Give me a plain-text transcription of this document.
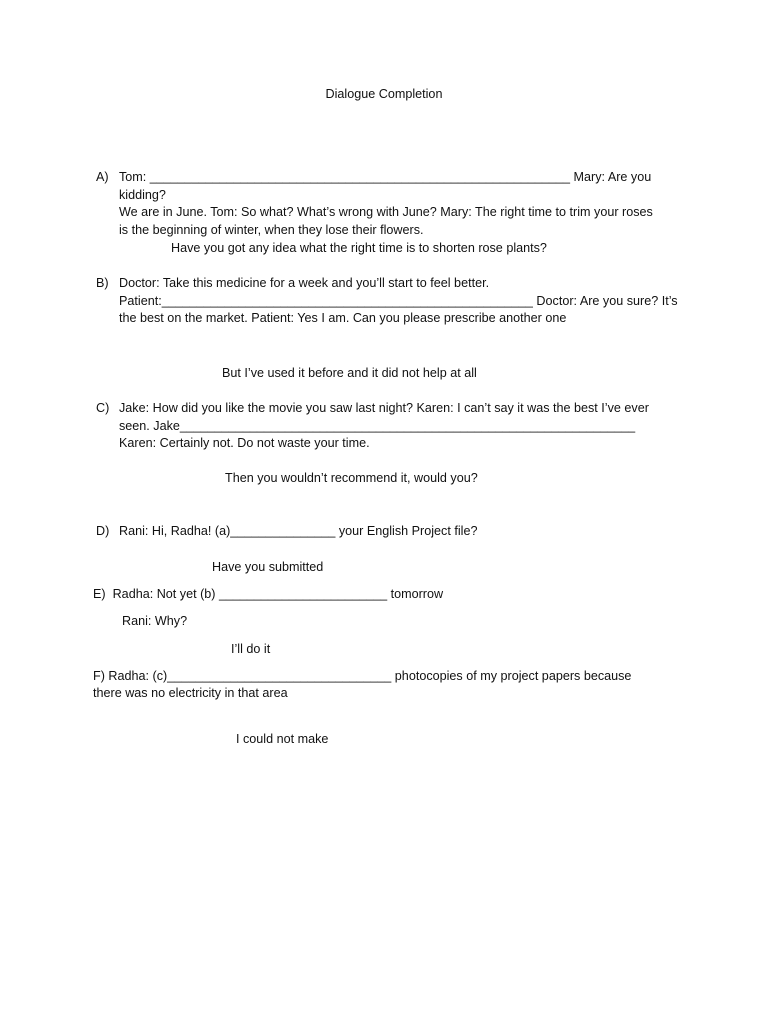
Dialogue Completion
A) Tom: ____________________________________________________________ Mary: Are you kidding?
We are in June. Tom: So what? What’s wrong with June? Mary: The right time to trim your roses
is the beginning of winter, when they lose their flowers.
Have you got any idea what the right time is to shorten rose plants?
B) Doctor: Take this medicine for a week and you’ll start to feel better.
Patient:_____________________________________________________ Doctor: Are you sure? It’s
the best on the market. Patient: Yes I am. Can you please prescribe another one
But I’ve used it before and it did not help at all
C) Jake: How did you like the movie you saw last night? Karen: I can’t say it was the best I’ve ever
seen. Jake_________________________________________________________________
Karen: Certainly not. Do not waste your time.
Then you wouldn’t recommend it, would you?
D) Rani: Hi, Radha! (a)_______________ your English Project file?
Have you submitted
E)  Radha: Not yet (b) ________________________ tomorrow
Rani: Why?
I’ll do it
F) Radha: (c)________________________________ photocopies of my project papers because
there was no electricity in that area
I could not make
